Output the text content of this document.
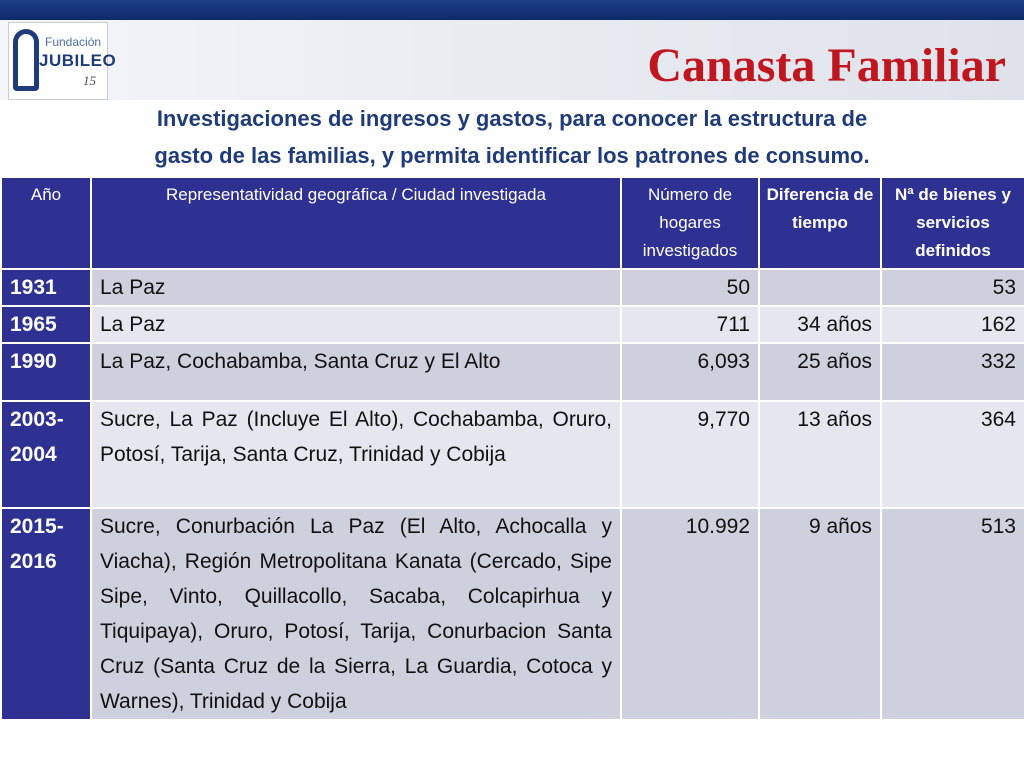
Fundación
JUBILEO
15	Canasta Familiar
Investigaciones de ingresos y gastos, para conocer la estructura de
gasto de las familias, y permita identificar los patrones de consumo.
Año	Representatividad geográfica / Ciudad investigada	Número de hogares investigados	Diferencia de tiempo	Nª de bienes y servicios definidos
1931	La Paz	50		53
1965	La Paz	711	34 años	162
1990	La Paz, Cochabamba, Santa Cruz y El Alto	6,093	25 años	332
2003-2004	Sucre, La Paz (Incluye El Alto), Cochabamba, Oruro, Potosí, Tarija, Santa Cruz, Trinidad y Cobija	9,770	13 años	364
2015-2016	Sucre, Conurbación La Paz (El Alto, Achocalla y Viacha), Región Metropolitana Kanata (Cercado, Sipe Sipe, Vinto, Quillacollo, Sacaba, Colcapirhua y Tiquipaya), Oruro, Potosí, Tarija, Conurbacion Santa Cruz (Santa Cruz de la Sierra, La Guardia, Cotoca y Warnes), Trinidad y Cobija	10.992	9 años	513
